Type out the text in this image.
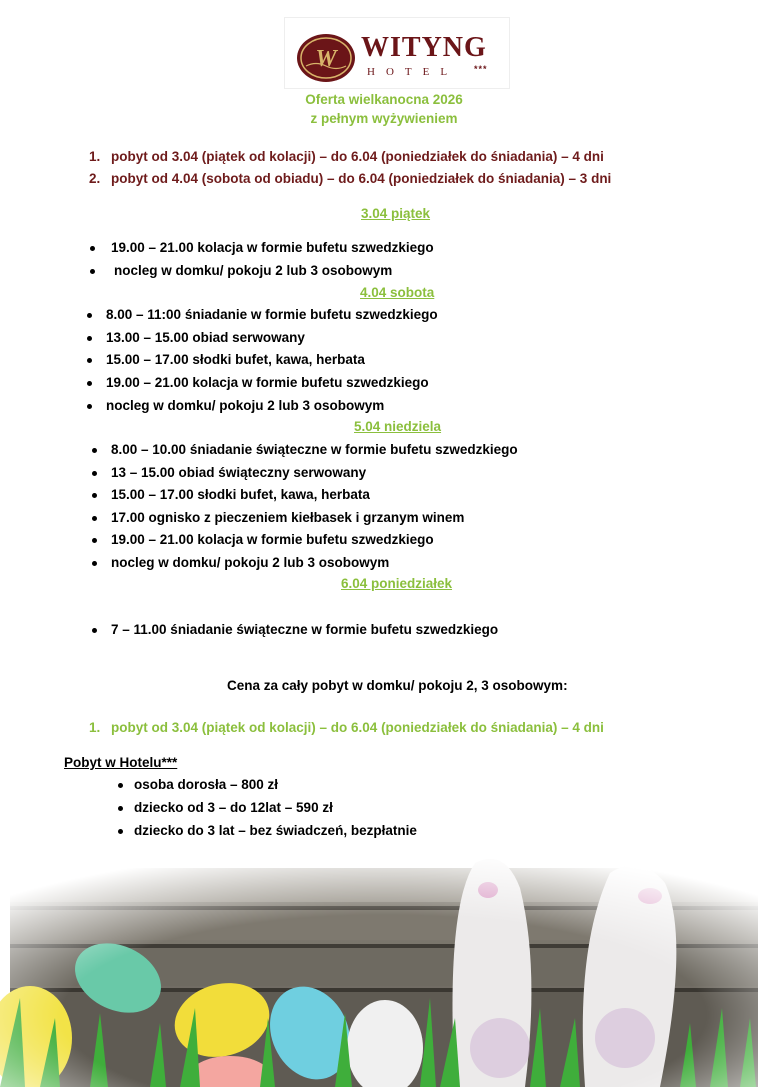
W WITYNG
HOTEL ***
Oferta wielkanocna 2026
z pełnym wyżywieniem
1. pobyt od 3.04 (piątek od kolacji) – do 6.04 (poniedziałek do śniadania) – 4 dni
2. pobyt od 4.04 (sobota od obiadu) – do 6.04 (poniedziałek do śniadania) – 3 dni
3.04 piątek
19.00 – 21.00 kolacja w formie bufetu szwedzkiego
nocleg w domku/ pokoju 2 lub 3 osobowym
4.04 sobota
8.00 – 11:00 śniadanie w formie bufetu szwedzkiego
13.00 – 15.00 obiad serwowany
15.00 – 17.00 słodki bufet, kawa, herbata
19.00 – 21.00 kolacja w formie bufetu szwedzkiego
nocleg w domku/ pokoju 2 lub 3 osobowym
5.04 niedziela
8.00 – 10.00 śniadanie świąteczne w formie bufetu szwedzkiego
13 – 15.00 obiad świąteczny serwowany
15.00 – 17.00 słodki bufet, kawa, herbata
17.00 ognisko z pieczeniem kiełbasek i grzanym winem
19.00 – 21.00 kolacja w formie bufetu szwedzkiego
nocleg w domku/ pokoju 2 lub 3 osobowym
6.04 poniedziałek
7 – 11.00 śniadanie świąteczne w formie bufetu szwedzkiego
Cena za cały pobyt w domku/ pokoju 2, 3 osobowym:
1. pobyt od 3.04 (piątek od kolacji) – do 6.04 (poniedziałek do śniadania) – 4 dni
Pobyt w Hotelu***
osoba dorosła – 800 zł
dziecko od 3 – do 12lat – 590 zł
dziecko do 3 lat – bez świadczeń, bezpłatnie
